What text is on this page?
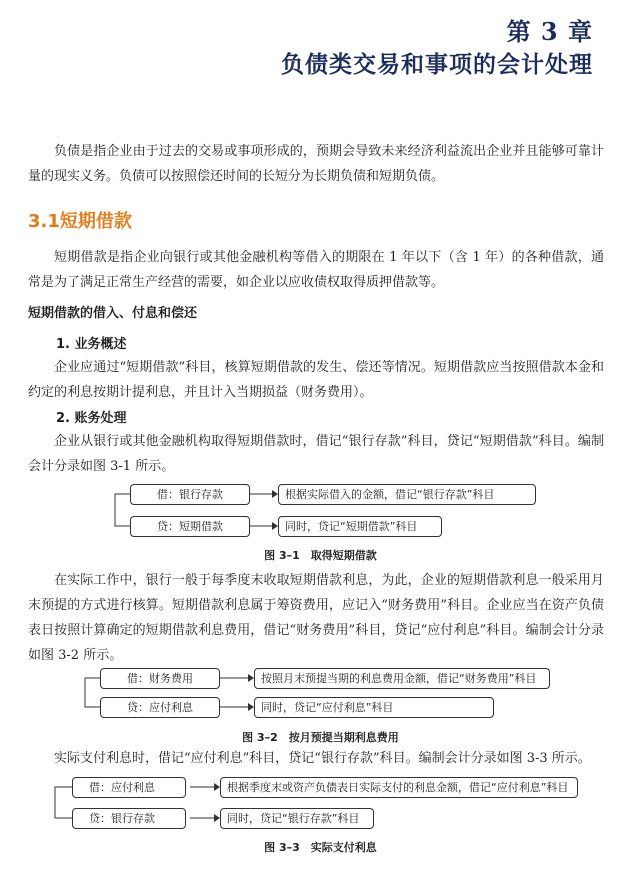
第 3 章
负债类交易和事项的会计处理

负债是指企业由于过去的交易或事项形成的，预期会导致未来经济利益流出企业并且能够可靠计量的现实义务。负债可以按照偿还时间的长短分为长期负债和短期负债。

3.1短期借款

短期借款是指企业向银行或其他金融机构等借入的期限在 1 年以下（含 1 年）的各种借款，通常是为了满足正常生产经营的需要，如企业以应收债权取得质押借款等。

短期借款的借入、付息和偿还
1. 业务概述

企业应通过“短期借款”科目，核算短期借款的发生、偿还等情况。短期借款应当按照借款本金和约定的利息按期计提利息，并且计入当期损益（财务费用）。

2. 账务处理

企业从银行或其他金融机构取得短期借款时，借记“银行存款”科目，贷记“短期借款”科目。编制会计分录如图 3-1 所示。

借：银行存款	根据实际借入的金额，借记“银行存款”科目
贷：短期借款	同时，贷记“短期借款”科目
图 3–1　取得短期借款

在实际工作中，银行一般于每季度末收取短期借款利息，为此，企业的短期借款利息一般采用月末预提的方式进行核算。短期借款利息属于筹资费用，应记入“财务费用”科目。企业应当在资产负债表日按照计算确定的短期借款利息费用，借记“财务费用”科目，贷记“应付利息”科目。编制会计分录如图 3-2 所示。

借：财务费用	按照月末预提当期的利息费用金额，借记“财务费用”科目
贷：应付利息	同时，贷记“应付利息”科目
图 3–2　按月预提当期利息费用

实际支付利息时，借记“应付利息”科目，贷记“银行存款”科目。编制会计分录如图 3-3 所示。

借：应付利息	根据季度末或资产负债表日实际支付的利息金额，借记“应付利息”科目
贷：银行存款	同时，贷记“银行存款”科目
图 3–3　实际支付利息
